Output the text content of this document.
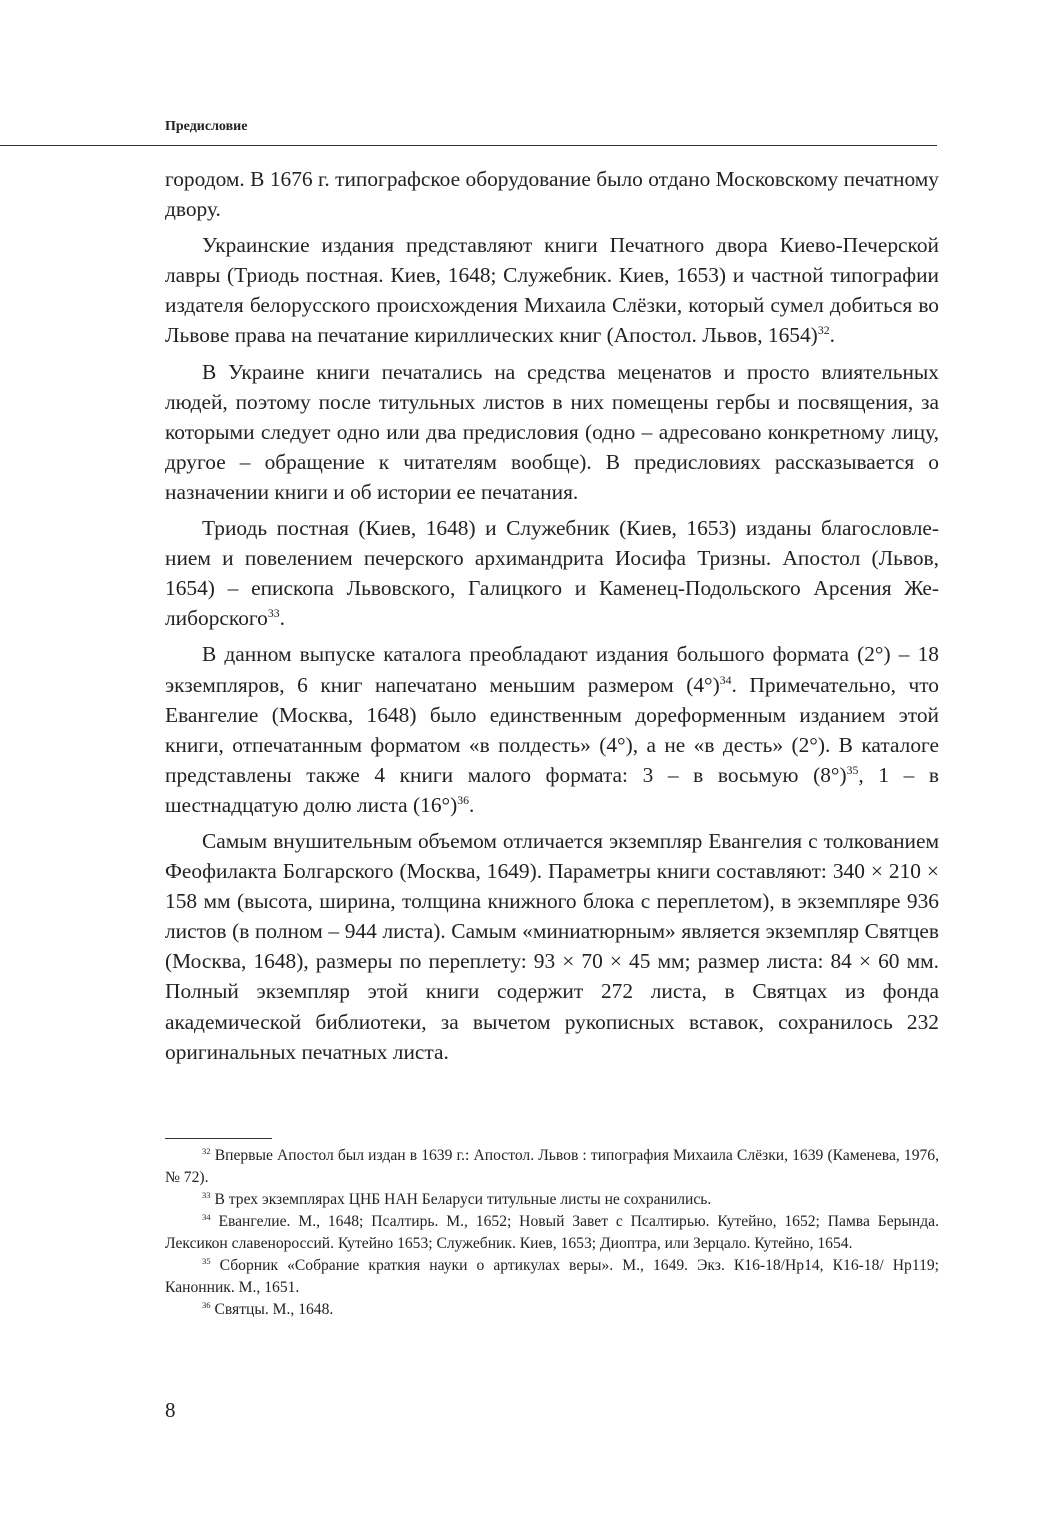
Предисловие

городом. В 1676 г. типографское оборудование было отдано Московскому печатному двору.

Украинские издания представляют книги Печатного двора Киево-Печерской лавры (Триодь постная. Киев, 1648; Служебник. Киев, 1653) и частной типографии издателя белорусского происхождения Михаила Слёзки, который сумел добиться во Львове права на печатание кириллических книг (Апостол. Львов, 1654)$^{32}$.

В Украине книги печатались на средства меценатов и просто влиятельных людей, поэтому после титульных листов в них помещены гербы и посвящения, за которыми следует одно или два предисловия (одно – адресовано конкретному лицу, другое – обращение к читателям вообще). В предисловиях рассказывается о назначении книги и об истории ее печатания.

Триодь постная (Киев, 1648) и Служебник (Киев, 1653) изданы благословлением и повелением печерского архимандрита Иосифа Тризны. Апостол (Львов, 1654) – епископа Львовского, Галицкого и Каменец-Подольского Арсения Желиборского$^{33}$.

В данном выпуске каталога преобладают издания большого формата (2°) – 18 экземпляров, 6 книг напечатано меньшим размером $(4^\circ)^{34}$. Примечательно, что Евангелие (Москва, 1648) было единственным дореформенным изданием этой книги, отпечатанным форматом «в полдесть» (4°), а не «в десть» (2°). В каталоге представлены также 4 книги малого формата: 3 – в восьмую $(8^\circ)^{35}$, 1 – в шестнадцатую долю листа $(16^\circ)^{36}$.

Самым внушительным объемом отличается экземпляр Евангелия с толкованием Феофилакта Болгарского (Москва, 1649). Параметры книги составляют: 340 × 210 × 158 мм (высота, ширина, толщина книжного блока с переплетом), в экземпляре 936 листов (в полном – 944 листа). Самым «миниатюрным» является экземпляр Святцев (Москва, 1648), размеры по переплету: 93 × 70 × 45 мм; размер листа: 84 × 60 мм. Полный экземпляр этой книги содержит 272 листа, в Святцах из фонда академической библиотеки, за вычетом рукописных вставок, сохранилось 232 оригинальных печатных листа.

$^{32}$ Впервые Апостол был издан в 1639 г.: Апостол. Львов : типография Михаила Слёзки, 1639 (Каменева, 1976, № 72).

$^{33}$ В трех экземплярах ЦНБ НАН Беларуси титульные листы не сохранились.

$^{34}$ Евангелие. М., 1648; Псалтирь. М., 1652; Новый Завет с Псалтирью. Кутейно, 1652; Памва Берында. Лексикон славенороссий. Кутейно 1653; Служебник. Киев, 1653; Диоптра, или Зерцало. Кутейно, 1654.

$^{35}$ Сборник «Собрание краткия науки о артикулах веры». М., 1649. Экз. К16-18/Нр14, К16-18/ Нр119; Канонник. М., 1651.

$^{36}$ Святцы. М., 1648.

8
